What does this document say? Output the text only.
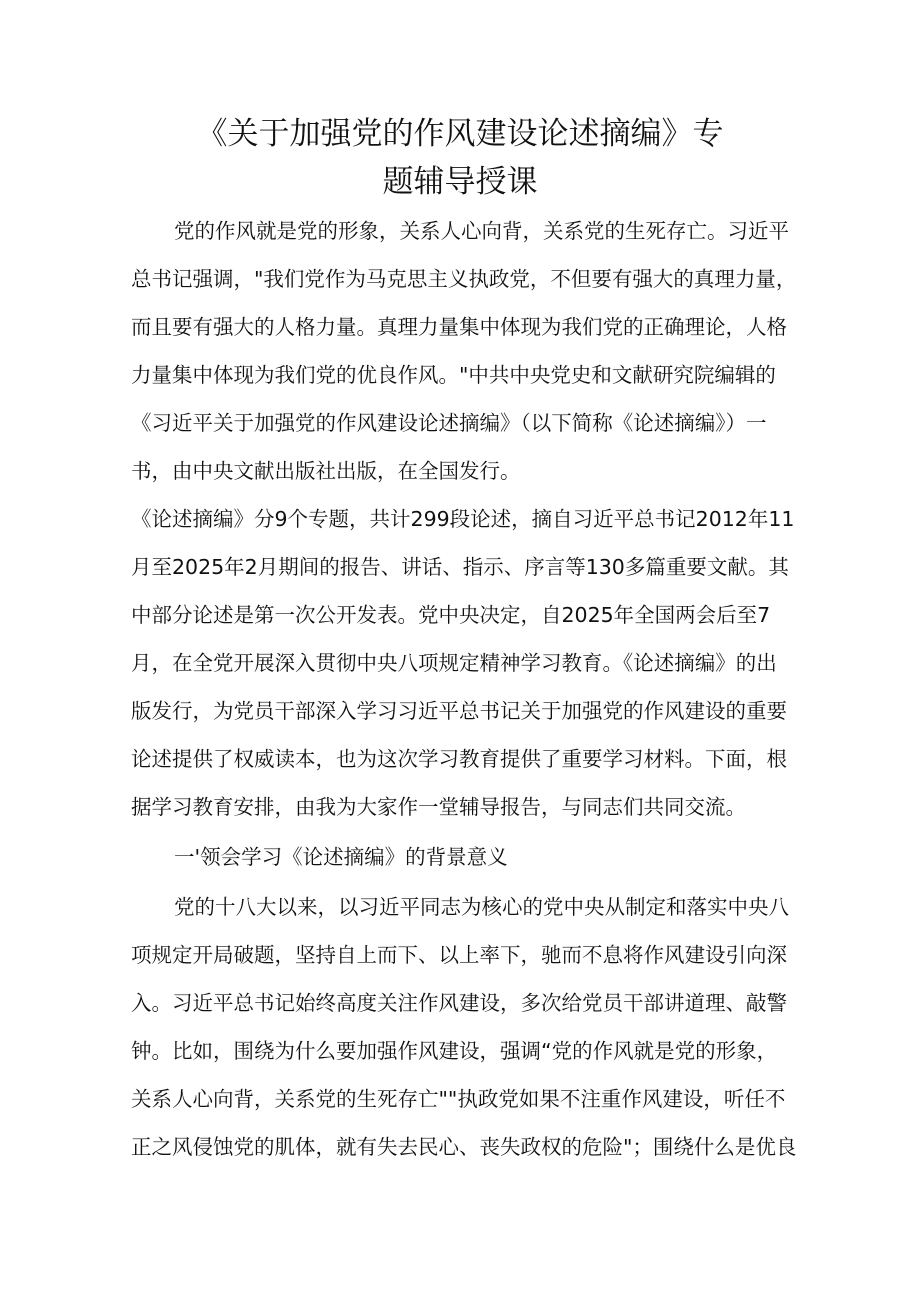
《关于加强党的作风建设论述摘编》专
题辅导授课

党的作风就是党的形象，关系人心向背，关系党的生死存亡。习近平

总书记强调，"我们党作为马克思主义执政党，不但要有强大的真理力量，

而且要有强大的人格力量。真理力量集中体现为我们党的正确理论，人格

力量集中体现为我们党的优良作风。"中共中央党史和文献研究院编辑的

《习近平关于加强党的作风建设论述摘编》（以下简称《论述摘编》）一

书，由中央文献出版社出版，在全国发行。

《论述摘编》分9个专题，共计299段论述，摘自习近平总书记2012年11

月至2025年2月期间的报告、讲话、指示、序言等130多篇重要文献。其

中部分论述是第一次公开发表。党中央决定，自2025年全国两会后至7

月，在全党开展深入贯彻中央八项规定精神学习教育。《论述摘编》的出

版发行，为党员干部深入学习习近平总书记关于加强党的作风建设的重要

论述提供了权威读本，也为这次学习教育提供了重要学习材料。下面，根

据学习教育安排，由我为大家作一堂辅导报告，与同志们共同交流。

一'领会学习《论述摘编》的背景意义

党的十八大以来，以习近平同志为核心的党中央从制定和落实中央八

项规定开局破题，坚持自上而下、以上率下，驰而不息将作风建设引向深

入。习近平总书记始终高度关注作风建设，多次给党员干部讲道理、敲警

钟。比如，围绕为什么要加强作风建设，强调“党的作风就是党的形象，

关系人心向背，关系党的生死存亡""执政党如果不注重作风建设，听任不

正之风侵蚀党的肌体，就有失去民心、丧失政权的危险"；围绕什么是优良
